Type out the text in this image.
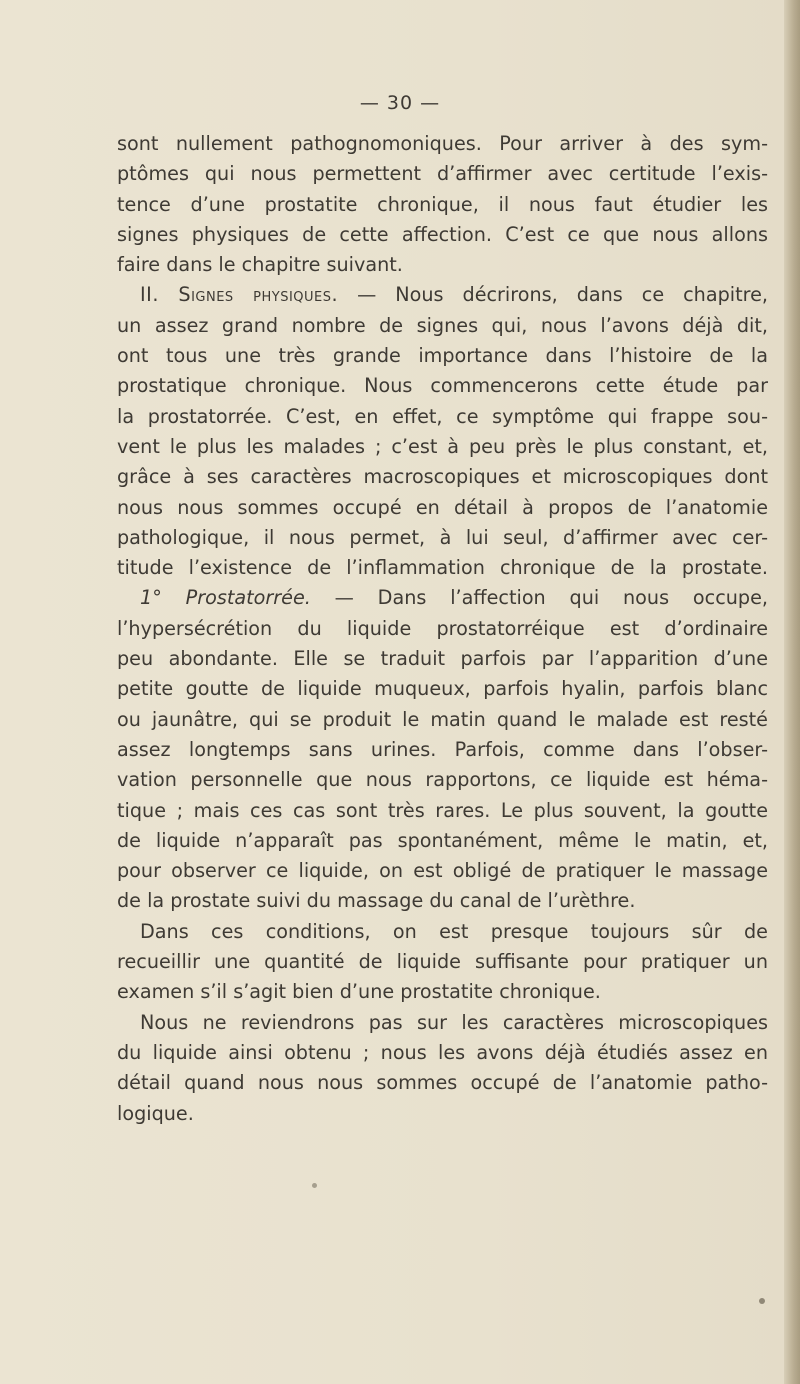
— 30 —

sont nullement pathognomoniques. Pour arriver à des sym-

ptômes qui nous permettent d’affirmer avec certitude l’exis-

tence d’une prostatite chronique, il nous faut étudier les

signes physiques de cette affection. C’est ce que nous allons

faire dans le chapitre suivant.

II. Signes physiques. — Nous décrirons, dans ce chapitre,

un assez grand nombre de signes qui, nous l’avons déjà dit,

ont tous une très grande importance dans l’histoire de la

prostatique chronique. Nous commencerons cette étude par

la prostatorrée. C’est, en effet, ce symptôme qui frappe sou-

vent le plus les malades ; c’est à peu près le plus constant, et,

grâce à ses caractères macroscopiques et microscopiques dont

nous nous sommes occupé en détail à propos de l’anatomie

pathologique, il nous permet, à lui seul, d’affirmer avec cer-

titude l’existence de l’inflammation chronique de la prostate.

1° Prostatorrée. — Dans l’affection qui nous occupe,

l’hypersécrétion du liquide prostatorréique est d’ordinaire

peu abondante. Elle se traduit parfois par l’apparition d’une

petite goutte de liquide muqueux, parfois hyalin, parfois blanc

ou jaunâtre, qui se produit le matin quand le malade est resté

assez longtemps sans urines. Parfois, comme dans l’obser-

vation personnelle que nous rapportons, ce liquide est héma-

tique ; mais ces cas sont très rares. Le plus souvent, la goutte

de liquide n’apparaît pas spontanément, même le matin, et,

pour observer ce liquide, on est obligé de pratiquer le massage

de la prostate suivi du massage du canal de l’urèthre.

Dans ces conditions, on est presque toujours sûr de

recueillir une quantité de liquide suffisante pour pratiquer un

examen s’il s’agit bien d’une prostatite chronique.

Nous ne reviendrons pas sur les caractères microscopiques

du liquide ainsi obtenu ; nous les avons déjà étudiés assez en

détail quand nous nous sommes occupé de l’anatomie patho-

logique.
